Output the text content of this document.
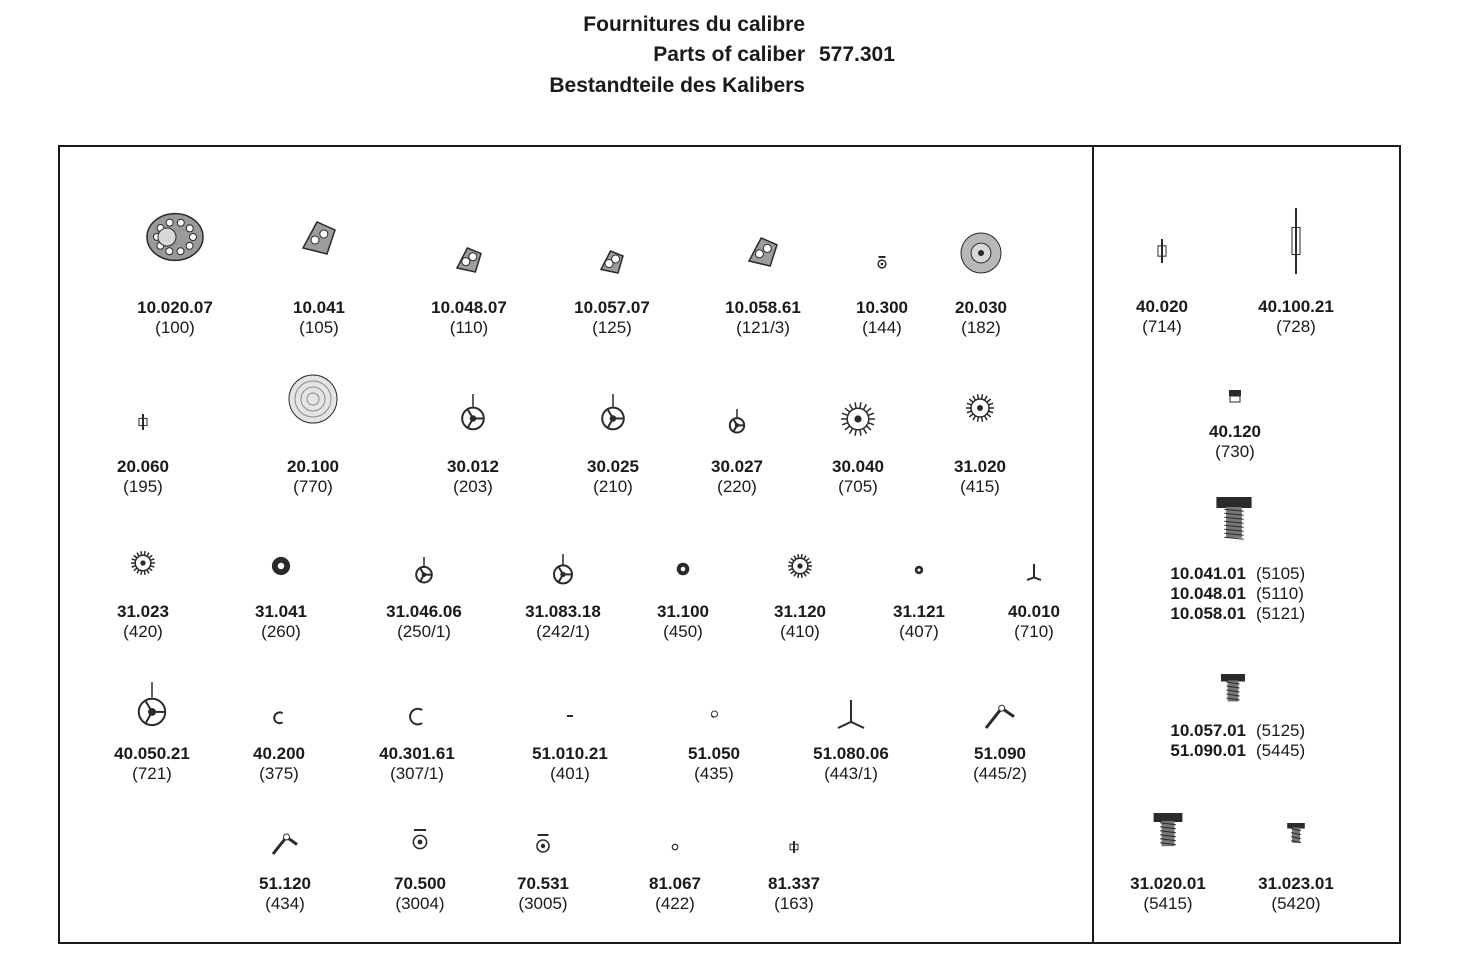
Fournitures du calibre
Parts of caliber 577.301
Bestandteile des Kalibers
10.020.07
(100)
10.041
(105)
10.048.07
(110)
10.057.07
(125)
10.058.61
(121/3)
10.300
(144)
20.030
(182)
20.060
(195)
20.100
(770)
30.012
(203)
30.025
(210)
30.027
(220)
30.040
(705)
31.020
(415)
31.023
(420)
31.041
(260)
31.046.06
(250/1)
31.083.18
(242/1)
31.100
(450)
31.120
(410)
31.121
(407)
40.010
(710)
40.050.21
(721)
40.200
(375)
40.301.61
(307/1)
51.010.21
(401)
51.050
(435)
51.080.06
(443/1)
51.090
(445/2)
51.120
(434)
70.500
(3004)
70.531
(3005)
81.067
(422)
81.337
(163)
40.020
(714)
40.100.21
(728)
40.120
(730)
31.020.01
(5415)
31.023.01
(5420)
10.041.01 (5105)
10.048.01 (5110)
10.058.01 (5121)
10.057.01 (5125)
51.090.01 (5445)
